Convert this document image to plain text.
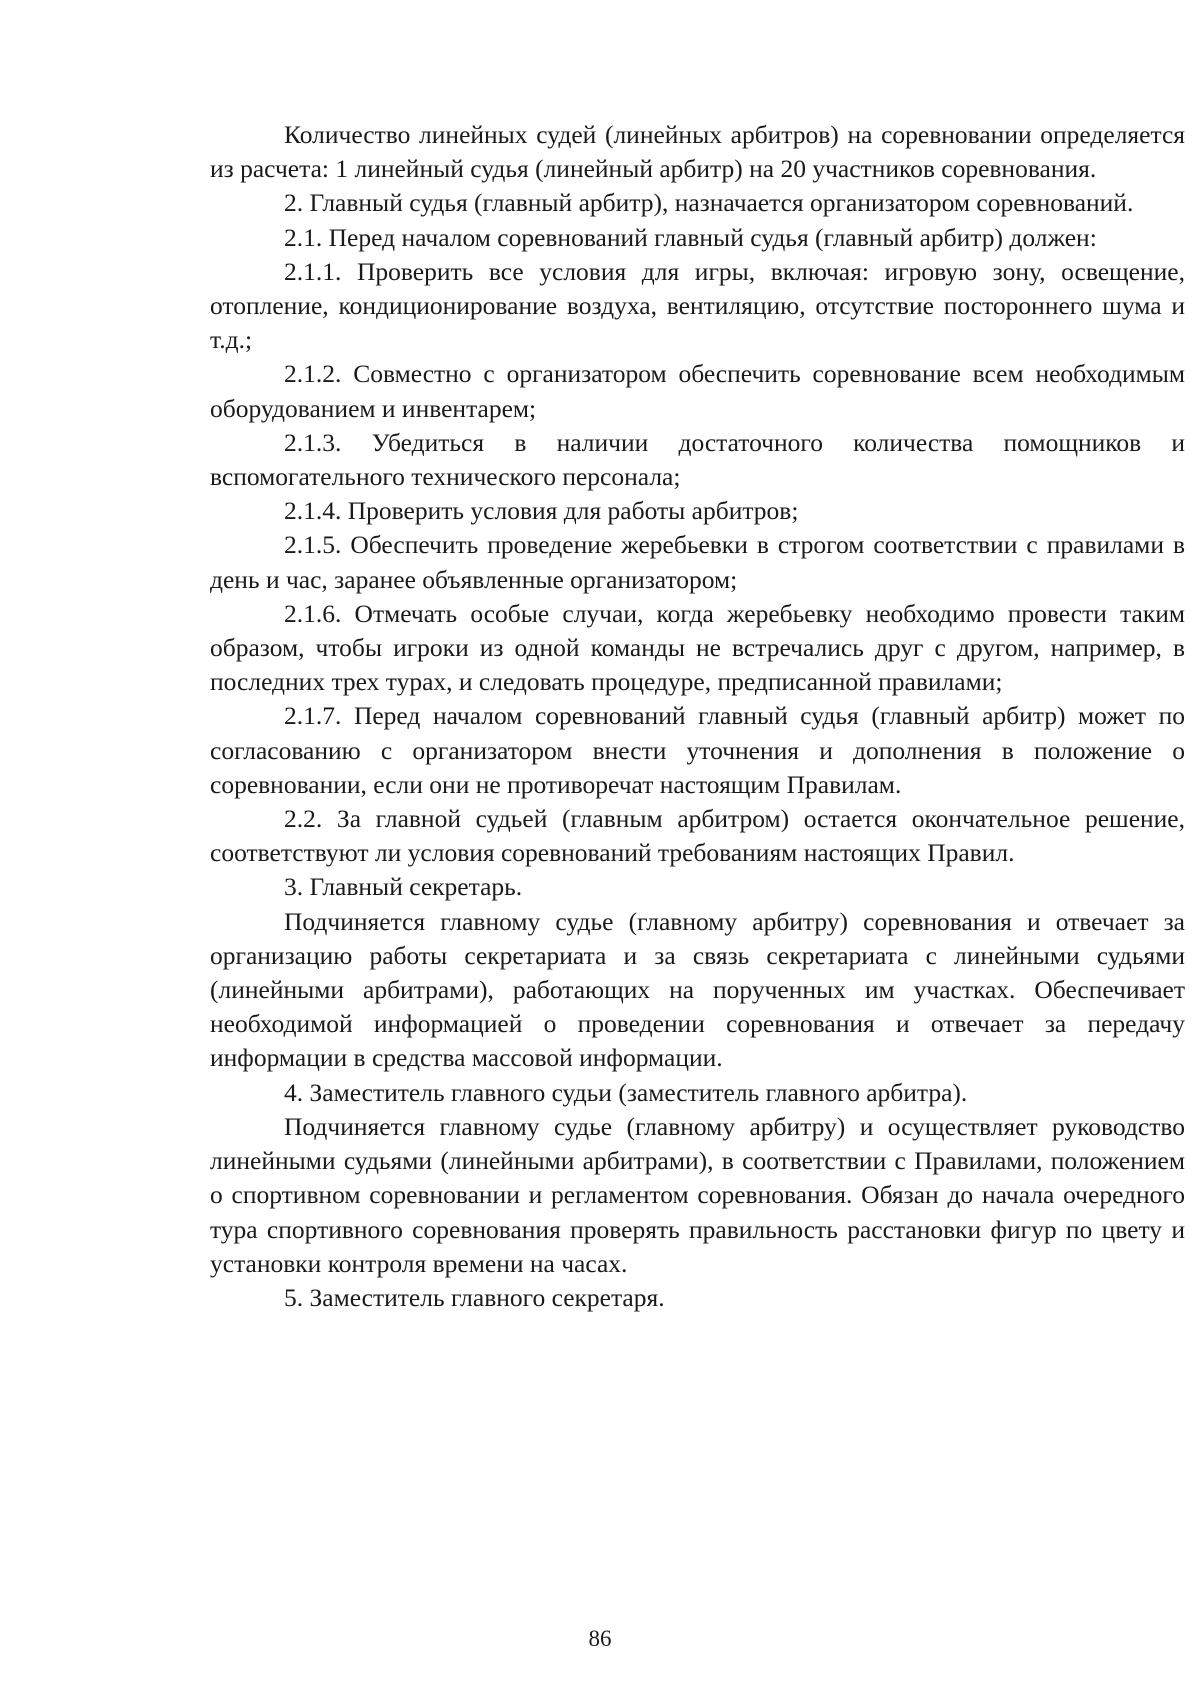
Количество линейных судей (линейных арбитров) на соревновании определяется из расчета: 1 линейный судья (линейный арбитр) на 20 участников соревнования.

2. Главный судья (главный арбитр), назначается организатором соревнований.

2.1. Перед началом соревнований главный судья (главный арбитр) должен:

2.1.1. Проверить все условия для игры, включая: игровую зону, освещение, отопление, кондиционирование воздуха, вентиляцию, отсутствие постороннего шума и т.д.;

2.1.2. Совместно с организатором обеспечить соревнование всем необходимым оборудованием и инвентарем;

2.1.3. Убедиться в наличии достаточного количества помощников и вспомогательного технического персонала;

2.1.4. Проверить условия для работы арбитров;

2.1.5. Обеспечить проведение жеребьевки в строгом соответствии с правилами в день и час, заранее объявленные организатором;

2.1.6. Отмечать особые случаи, когда жеребьевку необходимо провести таким образом, чтобы игроки из одной команды не встречались друг с другом, например, в последних трех турах, и следовать процедуре, предписанной правилами;

2.1.7. Перед началом соревнований главный судья (главный арбитр) может по согласованию с организатором внести уточнения и дополнения в положение о соревновании, если они не противоречат настоящим Правилам.

2.2. За главной судьей (главным арбитром) остается окончательное решение, соответствуют ли условия соревнований требованиям настоящих Правил.

3. Главный секретарь.

Подчиняется главному судье (главному арбитру) соревнования и отвечает за организацию работы секретариата и за связь секретариата с линейными судьями (линейными арбитрами), работающих на порученных им участках. Обеспечивает необходимой информацией о проведении соревнования и отвечает за передачу информации в средства массовой информации.

4. Заместитель главного судьи (заместитель главного арбитра).

Подчиняется главному судье (главному арбитру) и осуществляет руководство линейными судьями (линейными арбитрами), в соответствии с Правилами, положением о спортивном соревновании и регламентом соревнования. Обязан до начала очередного тура спортивного соревнования проверять правильность расстановки фигур по цвету и установки контроля времени на часах.

5. Заместитель главного секретаря.

86
